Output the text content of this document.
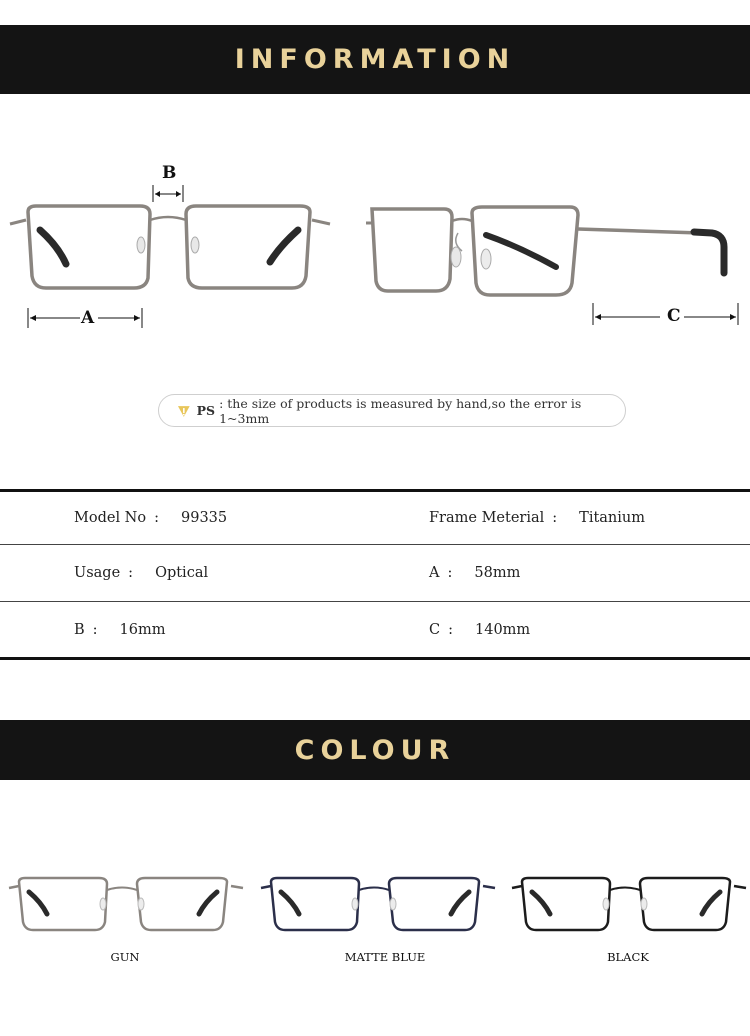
INFORMATION
B
A	C
PS : the size of products is measured by hand,so the error is 1~3mm
Model No : 99335	Frame Meterial : Titanium
Usage : Optical	A : 58mm
B : 16mm	C : 140mm
COLOUR
GUN	MATTE BLUE	BLACK
